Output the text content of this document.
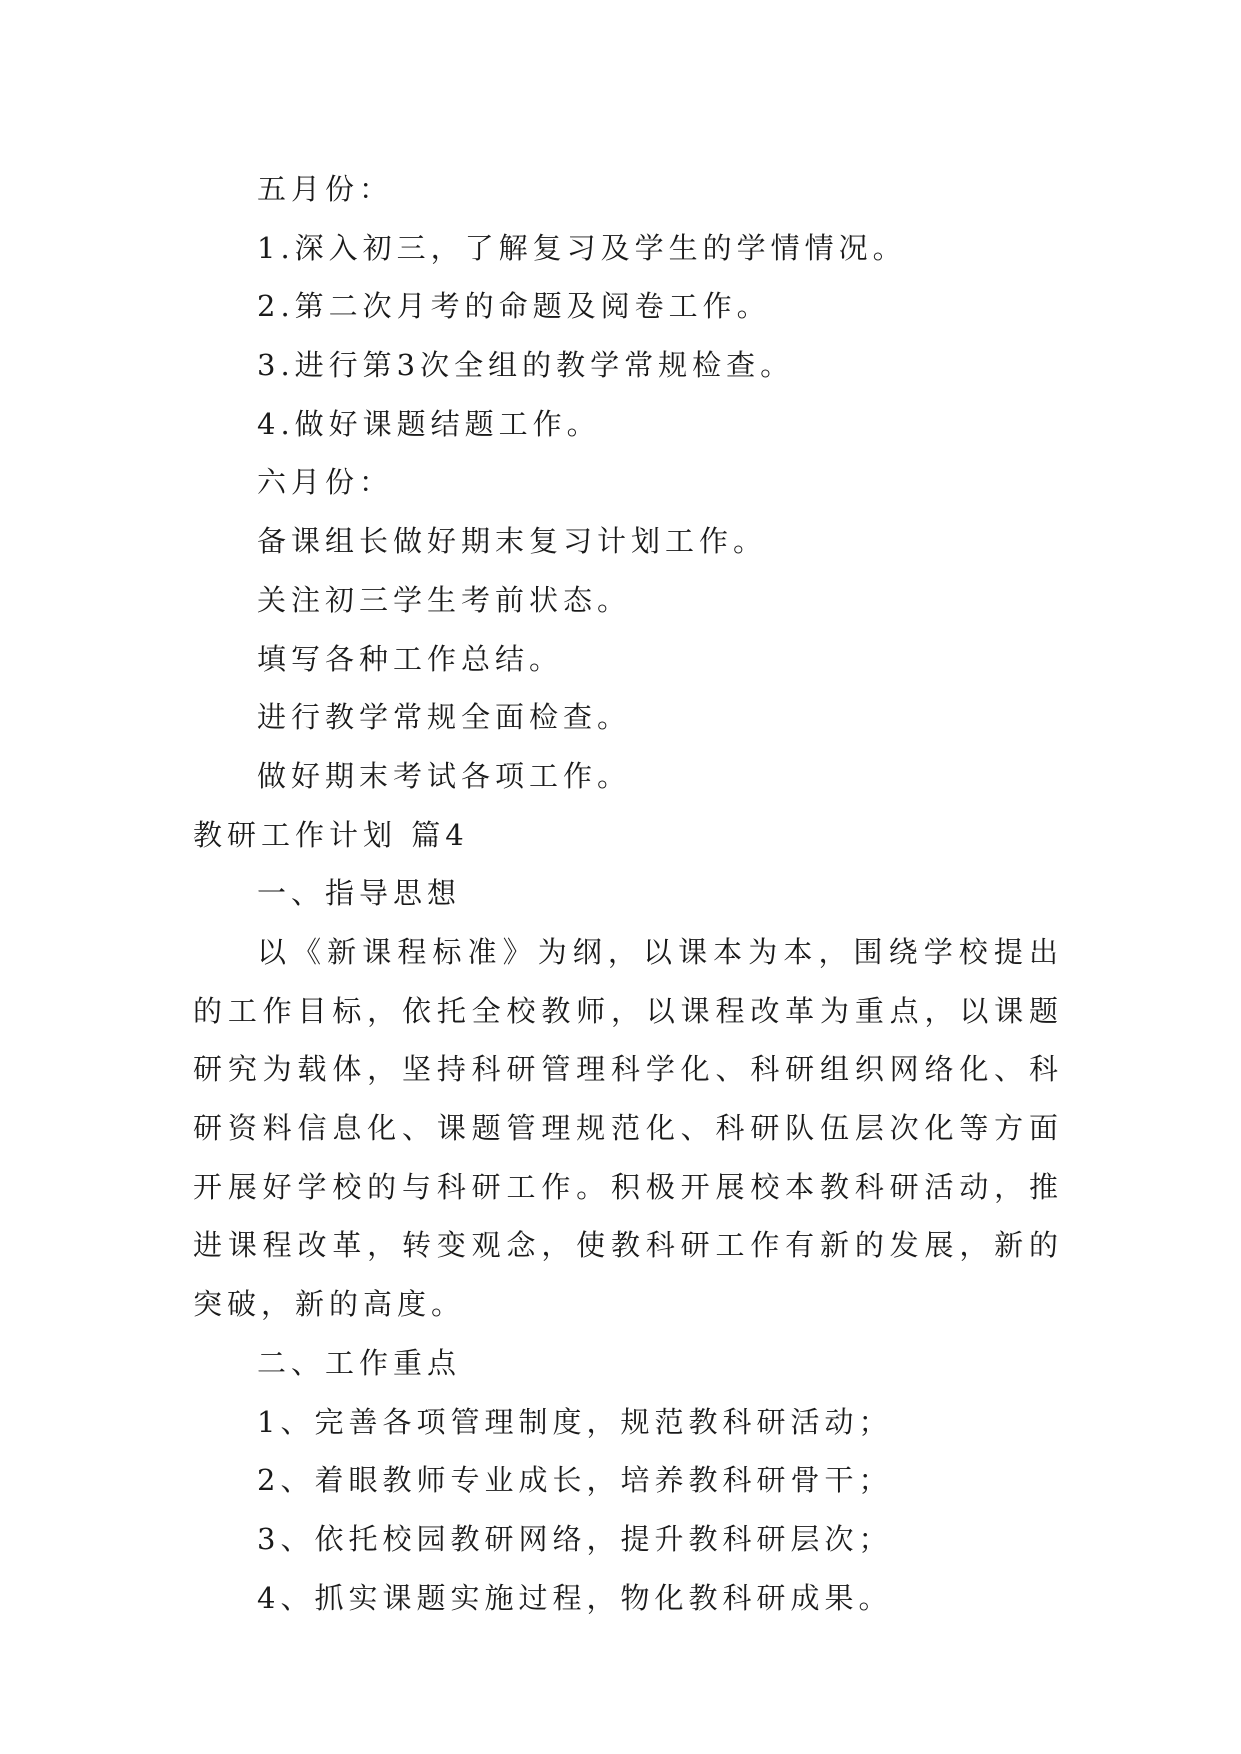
五月份：
1.深入初三，了解复习及学生的学情情况。
2.第二次月考的命题及阅卷工作。
3.进行第3次全组的教学常规检查。
4.做好课题结题工作。
六月份：
备课组长做好期末复习计划工作。
关注初三学生考前状态。
填写各种工作总结。
进行教学常规全面检查。
做好期末考试各项工作。
教研工作计划 篇4
一、指导思想
以《新课程标准》为纲，以课本为本，围绕学校提出的工作目标，依托全校教师，以课程改革为重点，以课题研究为载体，坚持科研管理科学化、科研组织网络化、科研资料信息化、课题管理规范化、科研队伍层次化等方面开展好学校的与科研工作。积极开展校本教科研活动，推进课程改革，转变观念，使教科研工作有新的发展，新的突破，新的高度。
二、工作重点
1、完善各项管理制度，规范教科研活动；
2、着眼教师专业成长，培养教科研骨干；
3、依托校园教研网络，提升教科研层次；
4、抓实课题实施过程，物化教科研成果。
